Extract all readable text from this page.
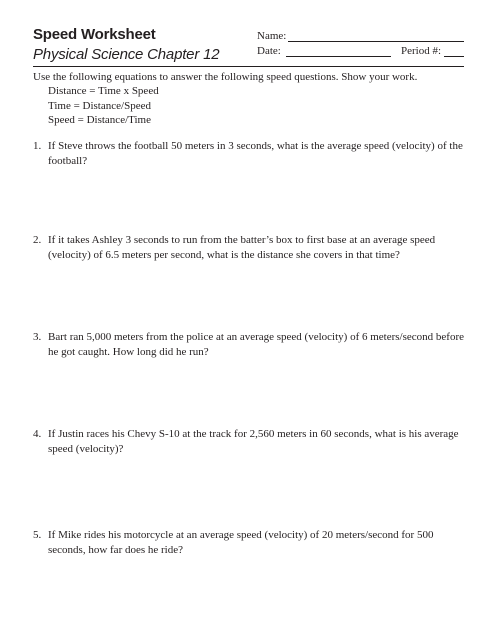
Speed Worksheet
Physical Science Chapter 12
Name:
Date:	Period #:
Use the following equations to answer the following speed questions. Show your work.
Distance = Time x Speed
Time = Distance/Speed
Speed = Distance/Time
1. If Steve throws the football 50 meters in 3 seconds, what is the average speed (velocity) of the football?
2. If it takes Ashley 3 seconds to run from the batter’s box to first base at an average speed (velocity) of 6.5 meters per second, what is the distance she covers in that time?
3. Bart ran 5,000 meters from the police at an average speed (velocity) of 6 meters/second before he got caught. How long did he run?
4. If Justin races his Chevy S-10 at the track for 2,560 meters in 60 seconds, what is his average speed (velocity)?
5. If Mike rides his motorcycle at an average speed (velocity) of 20 meters/second for 500 seconds, how far does he ride?
